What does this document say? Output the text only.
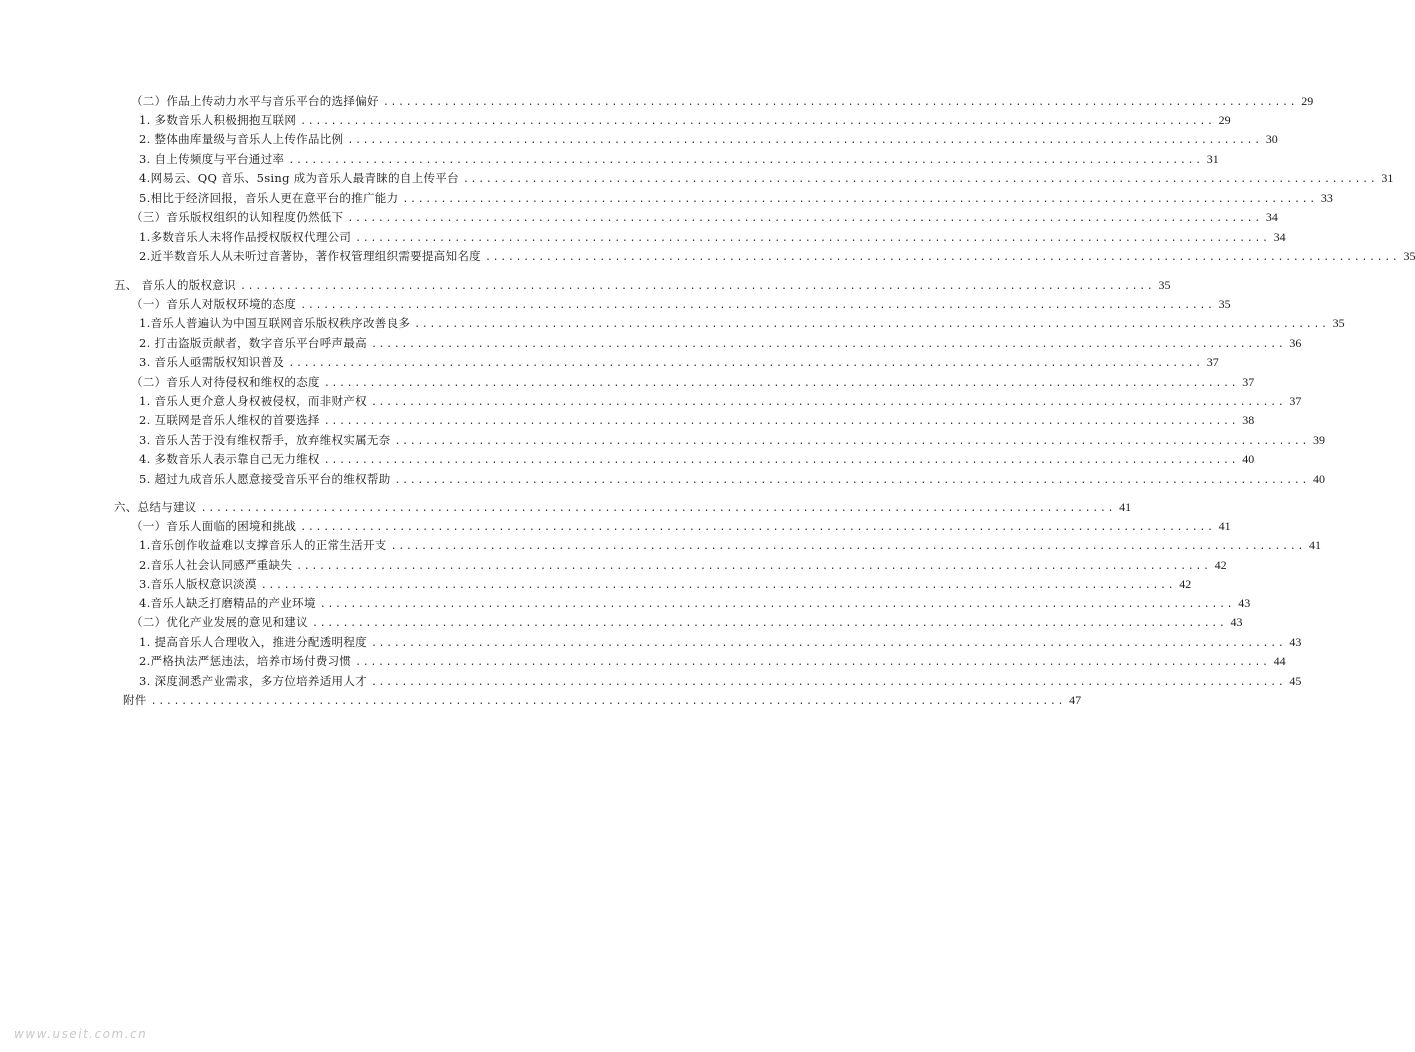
（二）作品上传动力水平与音乐平台的选择偏好 ........................................................................................................................ 29
1. 多数音乐人积极拥抱互联网 ........................................................................................................................ 29
2. 整体曲库量级与音乐人上传作品比例 ........................................................................................................................ 30
3. 自上传频度与平台通过率 ........................................................................................................................ 31
4.网易云、QQ 音乐、5sing 成为音乐人最青睐的自上传平台 ........................................................................................................................ 31
5.相比于经济回报，音乐人更在意平台的推广能力 ........................................................................................................................ 33
（三）音乐版权组织的认知程度仍然低下 ........................................................................................................................ 34
1.多数音乐人未将作品授权版权代理公司 ........................................................................................................................ 34
2.近半数音乐人从未听过音著协，著作权管理组织需要提高知名度 ........................................................................................................................ 35
五、 音乐人的版权意识 ........................................................................................................................ 35
（一）音乐人对版权环境的态度 ........................................................................................................................ 35
1.音乐人普遍认为中国互联网音乐版权秩序改善良多 ........................................................................................................................ 35
2. 打击盗版贡献者，数字音乐平台呼声最高 ........................................................................................................................ 36
3. 音乐人亟需版权知识普及 ........................................................................................................................ 37
（二）音乐人对待侵权和维权的态度 ........................................................................................................................ 37
1. 音乐人更介意人身权被侵权，而非财产权 ........................................................................................................................ 37
2. 互联网是音乐人维权的首要选择 ........................................................................................................................ 38
3. 音乐人苦于没有维权帮手，放弃维权实属无奈 ........................................................................................................................ 39
4. 多数音乐人表示靠自己无力维权 ........................................................................................................................ 40
5. 超过九成音乐人愿意接受音乐平台的维权帮助 ........................................................................................................................ 40
六、总结与建议 ........................................................................................................................ 41
（一）音乐人面临的困境和挑战 ........................................................................................................................ 41
1.音乐创作收益难以支撑音乐人的正常生活开支 ........................................................................................................................ 41
2.音乐人社会认同感严重缺失 ........................................................................................................................ 42
3.音乐人版权意识淡漠 ........................................................................................................................ 42
4.音乐人缺乏打磨精品的产业环境 ........................................................................................................................ 43
（二）优化产业发展的意见和建议 ........................................................................................................................ 43
1. 提高音乐人合理收入，推进分配透明程度 ........................................................................................................................ 43
2.严格执法严惩违法，培养市场付费习惯 ........................................................................................................................ 44
3. 深度洞悉产业需求，多方位培养适用人才 ........................................................................................................................ 45
附件 ........................................................................................................................ 47
www.useit.com.cn
